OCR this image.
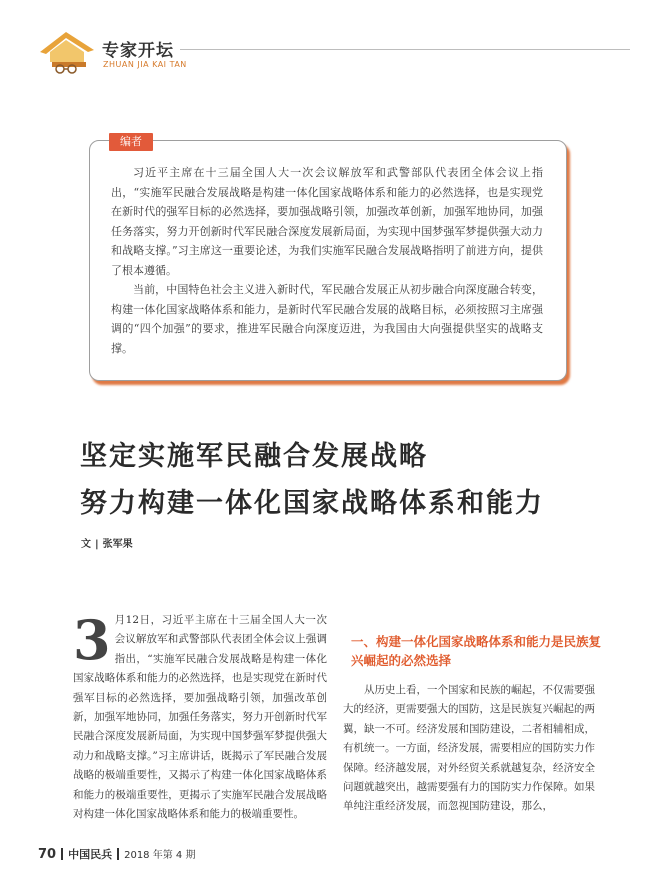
专家开坛
ZHUAN JIA KAI TAN
编者

习近平主席在十三届全国人大一次会议解放军和武警部队代表团全体会议上指出，“实施军民融合发展战略是构建一体化国家战略体系和能力的必然选择，也是实现党在新时代的强军目标的必然选择，要加强战略引领，加强改革创新，加强军地协同，加强任务落实，努力开创新时代军民融合深度发展新局面，为实现中国梦强军梦提供强大动力和战略支撑。”习主席这一重要论述，为我们实施军民融合发展战略指明了前进方向，提供了根本遵循。

当前，中国特色社会主义进入新时代，军民融合发展正从初步融合向深度融合转变，构建一体化国家战略体系和能力，是新时代军民融合发展的战略目标，必须按照习主席强调的“四个加强”的要求，推进军民融合向深度迈进，为我国由大向强提供坚实的战略支撑。

坚定实施军民融合发展战略
努力构建一体化国家战略体系和能力
文 | 张军果
3 月12日，习近平主席在十三届全国人大一次会议解放军和武警部队代表团全体会议上强调指出，“实施军民融合发展战略是构建一体化国家战略体系和能力的必然选择，也是实现党在新时代强军目标的必然选择，要加强战略引领，加强改革创新，加强军地协同，加强任务落实，努力开创新时代军民融合深度发展新局面，为实现中国梦强军梦提供强大动力和战略支撑。”习主席讲话，既揭示了军民融合发展战略的极端重要性，又揭示了构建一体化国家战略体系和能力的极端重要性，更揭示了实施军民融合发展战略对构建一体化国家战略体系和能力的极端重要性。
一、构建一体化国家战略体系和能力是民族复兴崛起的必然选择

从历史上看，一个国家和民族的崛起，不仅需要强大的经济，更需要强大的国防，这是民族复兴崛起的两翼，缺一不可。经济发展和国防建设，二者相辅相成，有机统一。一方面，经济发展，需要相应的国防实力作保障。经济越发展，对外经贸关系就越复杂，经济安全问题就越突出，越需要强有力的国防实力作保障。如果单纯注重经济发展，而忽视国防建设，那么，

70 中国民兵 2018 年第 4 期
